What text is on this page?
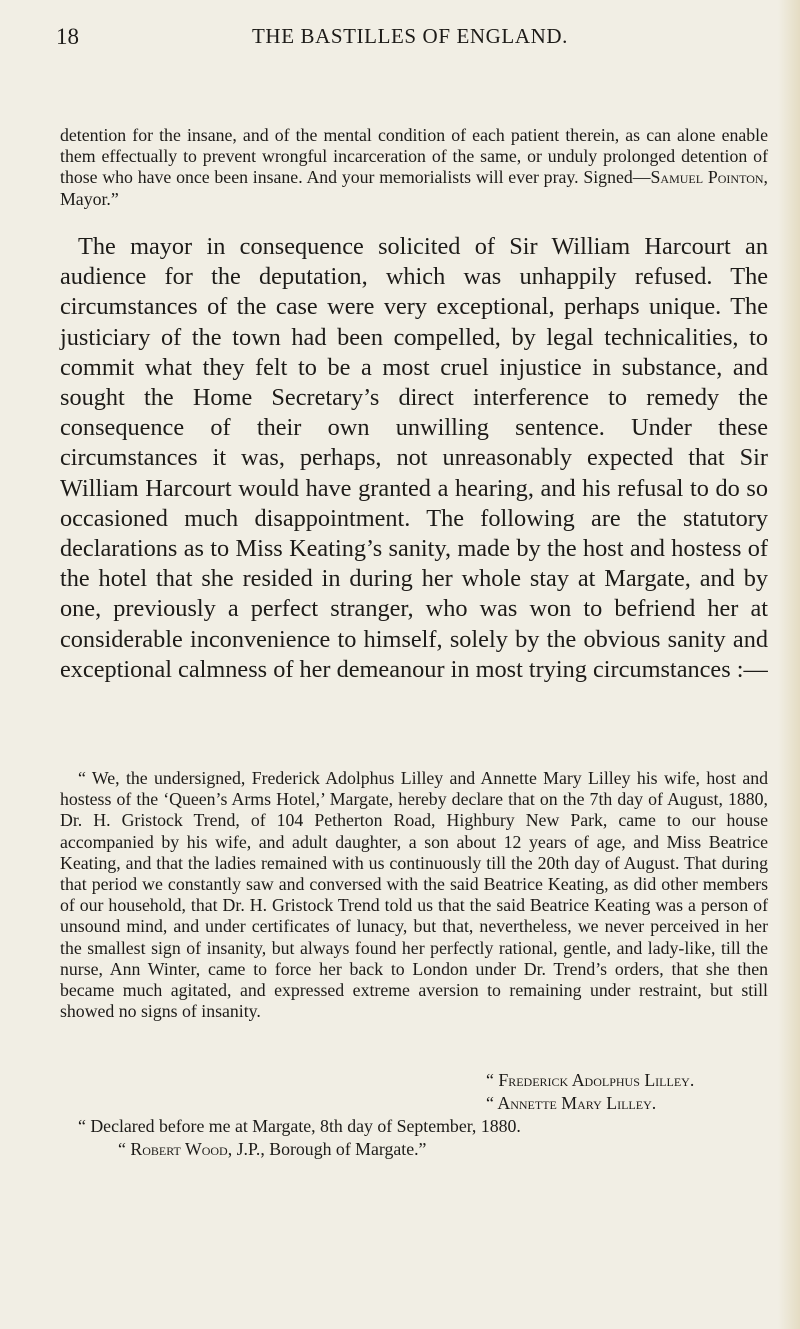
18	THE BASTILLES OF ENGLAND.
detention for the insane, and of the mental condition of each patient therein, as can alone enable them effectually to prevent wrongful incarceration of the same, or unduly prolonged detention of those who have once been insane. And your memorialists will ever pray. Signed—Samuel Pointon, Mayor.”
The mayor in consequence solicited of Sir William Harcourt an audience for the deputation, which was unhappily refused. The circumstances of the case were very exceptional, perhaps unique. The justiciary of the town had been compelled, by legal technicalities, to commit what they felt to be a most cruel injustice in substance, and sought the Home Secretary’s direct interference to remedy the consequence of their own unwilling sentence. Under these circumstances it was, perhaps, not unreasonably expected that Sir William Harcourt would have granted a hearing, and his refusal to do so occasioned much disappointment. The following are the statutory declarations as to Miss Keating’s sanity, made by the host and hostess of the hotel that she resided in during her whole stay at Margate, and by one, previously a perfect stranger, who was won to befriend her at considerable inconvenience to himself, solely by the obvious sanity and exceptional calmness of her demeanour in most trying circumstances :—
“ We, the undersigned, Frederick Adolphus Lilley and Annette Mary Lilley his wife, host and hostess of the ‘Queen’s Arms Hotel,’ Margate, hereby declare that on the 7th day of August, 1880, Dr. H. Gristock Trend, of 104 Petherton Road, Highbury New Park, came to our house accompanied by his wife, and adult daughter, a son about 12 years of age, and Miss Beatrice Keating, and that the ladies remained with us continuously till the 20th day of August. That during that period we constantly saw and conversed with the said Beatrice Keating, as did other members of our household, that Dr. H. Gristock Trend told us that the said Beatrice Keating was a person of unsound mind, and under certificates of lunacy, but that, nevertheless, we never perceived in her the smallest sign of insanity, but always found her perfectly rational, gentle, and lady-like, till the nurse, Ann Winter, came to force her back to London under Dr. Trend’s orders, that she then became much agitated, and expressed extreme aversion to remaining under restraint, but still showed no signs of insanity.
“ Frederick Adolphus Lilley.
“ Annette Mary Lilley.
“ Declared before me at Margate, 8th day of September, 1880.
“ Robert Wood, J.P., Borough of Margate.”
